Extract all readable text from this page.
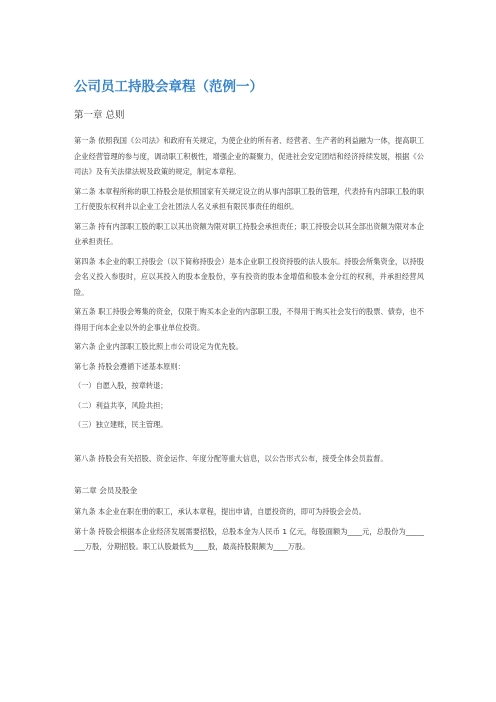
公司员工持股会章程（范例一）
第一章 总则

第一条 依照我国《公司法》和政府有关规定，为使企业的所有者、经营者、生产者的利益融为一体，提高职工企业经营管理的参与度，调动职工积极性，增强企业的凝聚力，促进社会安定团结和经济持续发展，根据《公司法》及有关法律法规及政策的规定，制定本章程。

第二条 本章程所称的职工持股会是依照国家有关规定设立的从事内部职工股的管理，代表持有内部职工股的职工行使股东权利并以企业工会社团法人名义承担有限民事责任的组织。

第三条 持有内部职工股的职工以其出资额为限对职工持股会承担责任；职工持股会以其全部出资额为限对本企业承担责任。

第四条 本企业的职工持股会（以下简称持股会）是本企业职工投资持股的法人股东。持股会所集资金，以持股会名义投入参股时，应以其投入的股本金股份，享有投资的股本金增值和股本金分红的权利，并承担经营风险。

第五条 职工持股会筹集的资金，仅限于购买本企业的内部职工股，不得用于购买社会发行的股票、债券，也不得用于向本企业以外的企事业单位投资。

第六条 企业内部职工股比照上市公司设定为优先股。

第七条 持股会遵循下述基本原则：

（一）自愿入股，按章转退；

（二）利益共享，风险共担；

（三）独立建账，民主管理。

第八条 持股会有关招股、资金运作、年度分配等重大信息，以公告形式公布，接受全体会员监督。

第二章 会员及股金

第九条 本企业在职在册的职工，承认本章程，提出申请，自愿投资的，即可为持股会会员。

第十条 持股会根据本企业经济发展需要招股，总股本金为人民币 1 亿元，每股面额为____元，总股份为________万股，分期招股。职工认股最低为____股，最高持股限额为____万股。
